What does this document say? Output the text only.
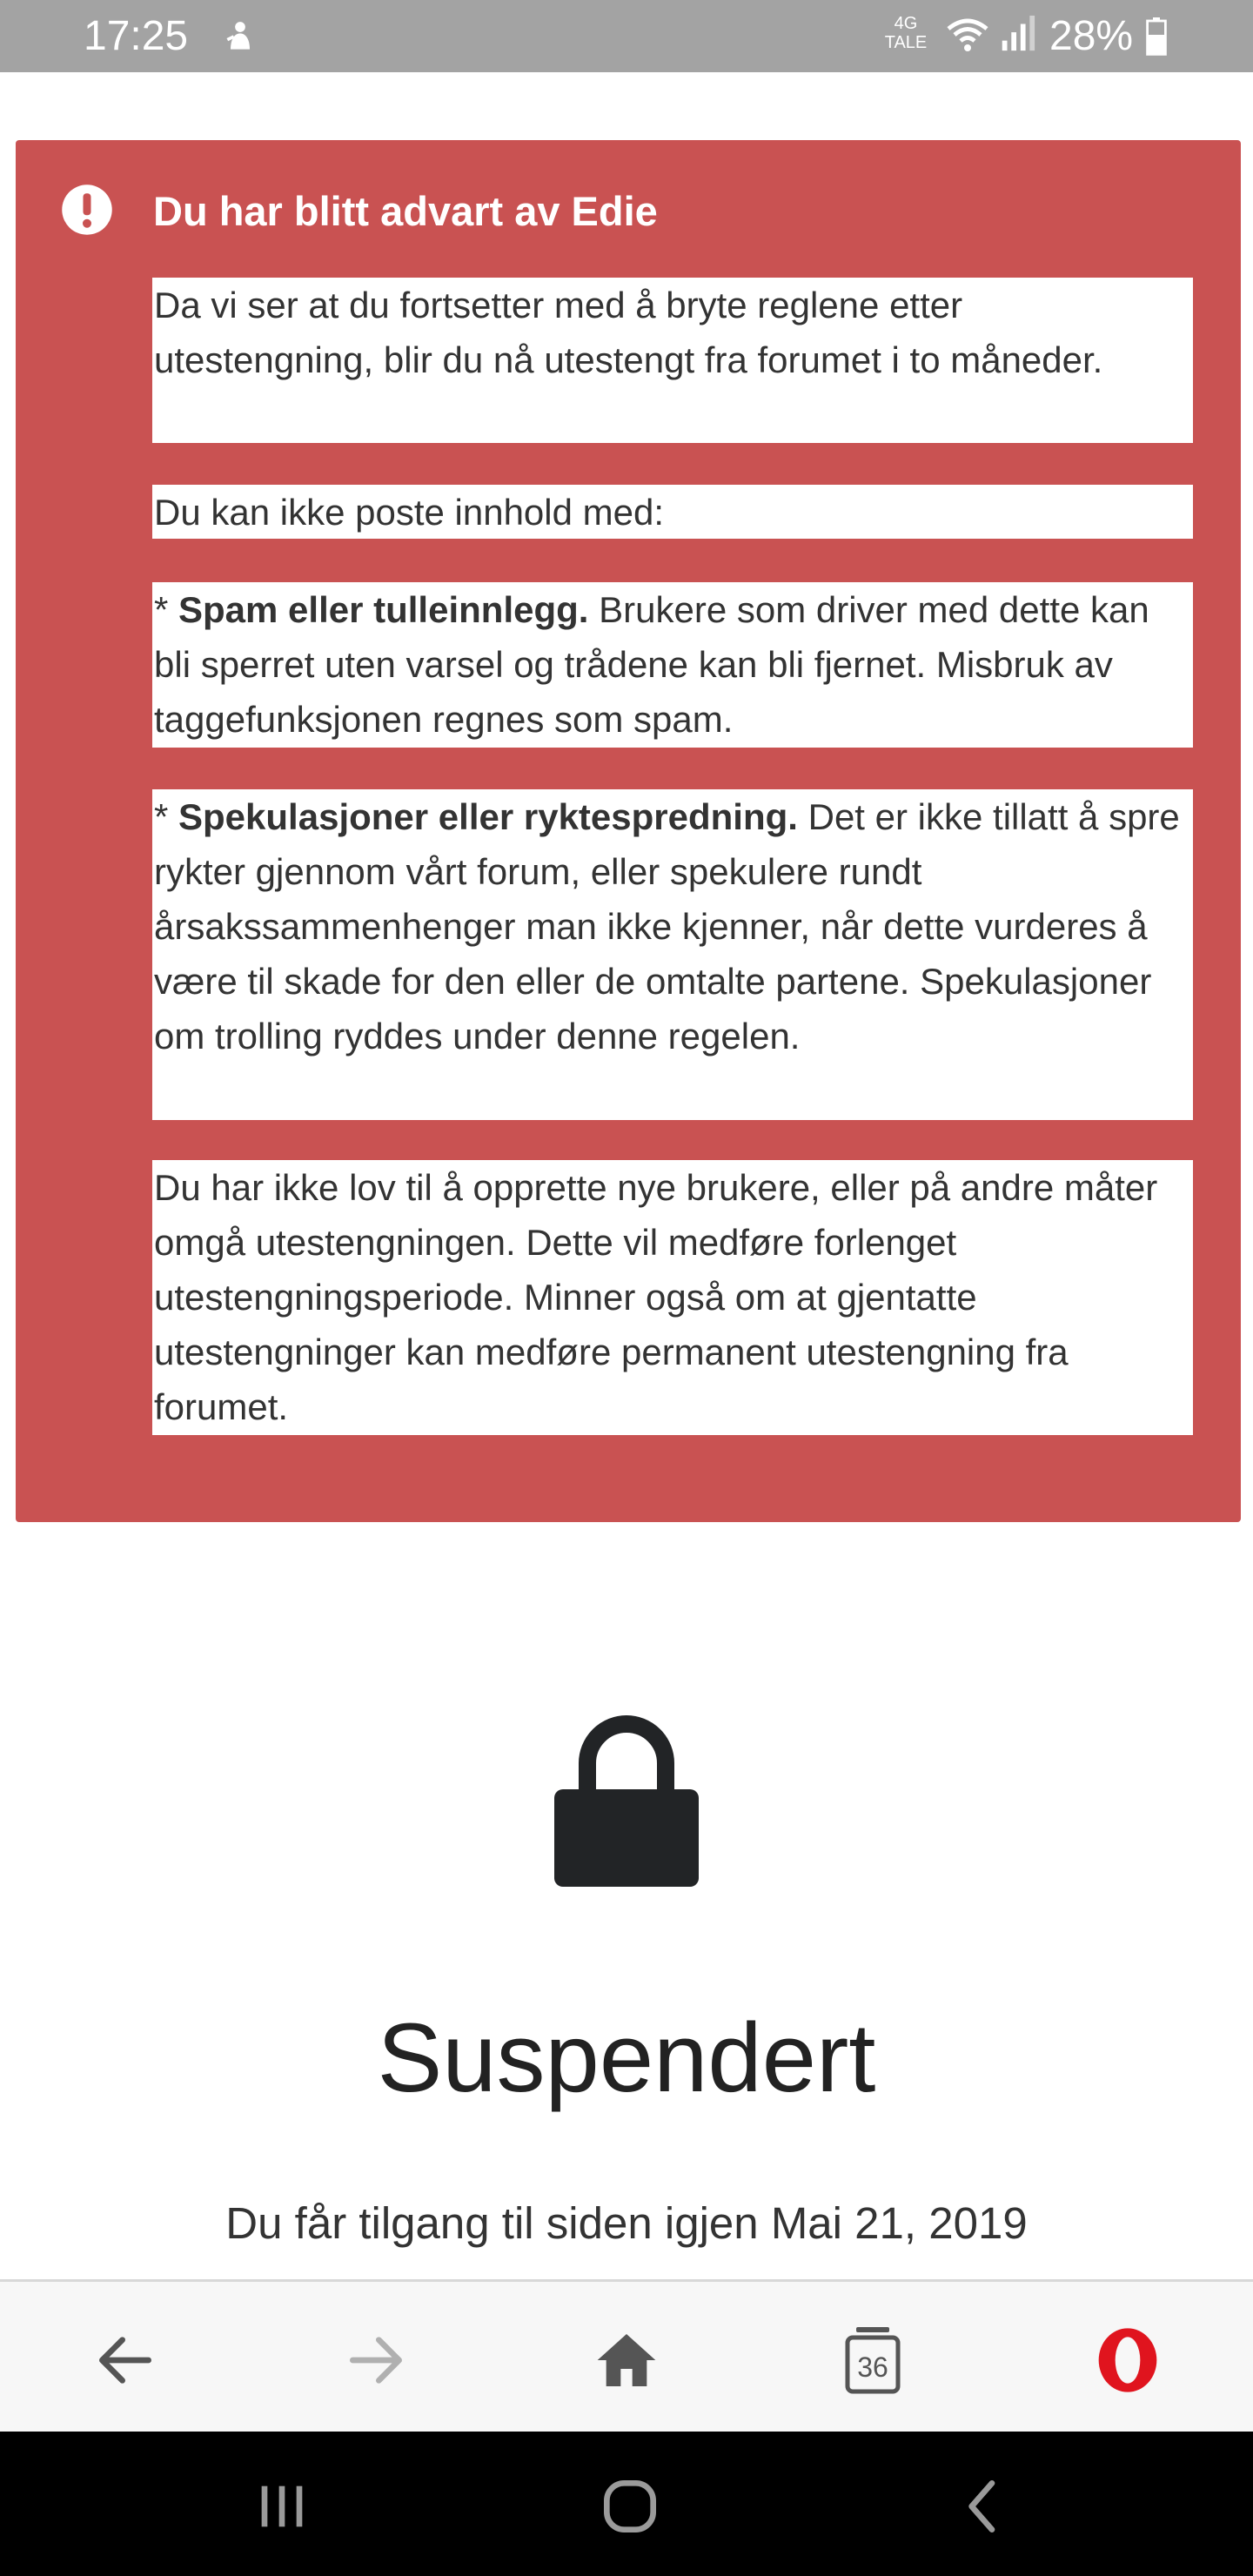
17:25	4G
TALE	28%
Du har blitt advart av Edie
Da vi ser at du fortsetter med å bryte reglene etter utestengning, blir du nå utestengt fra forumet i to måneder.
Du kan ikke poste innhold med:
* Spam eller tulleinnlegg. Brukere som driver med dette kan bli sperret uten varsel og trådene kan bli fjernet. Misbruk av taggefunksjonen regnes som spam.
* Spekulasjoner eller ryktespredning. Det er ikke tillatt å spre rykter gjennom vårt forum, eller spekulere rundt årsakssammenhenger man ikke kjenner, når dette vurderes å være til skade for den eller de omtalte partene. Spekulasjoner om trolling ryddes under denne regelen.
Du har ikke lov til å opprette nye brukere, eller på andre måter omgå utestengningen. Dette vil medføre forlenget utestengningsperiode. Minner også om at gjentatte utestengninger kan medføre permanent utestengning fra forumet.
Suspendert
Du får tilgang til siden igjen Mai 21, 2019
36
